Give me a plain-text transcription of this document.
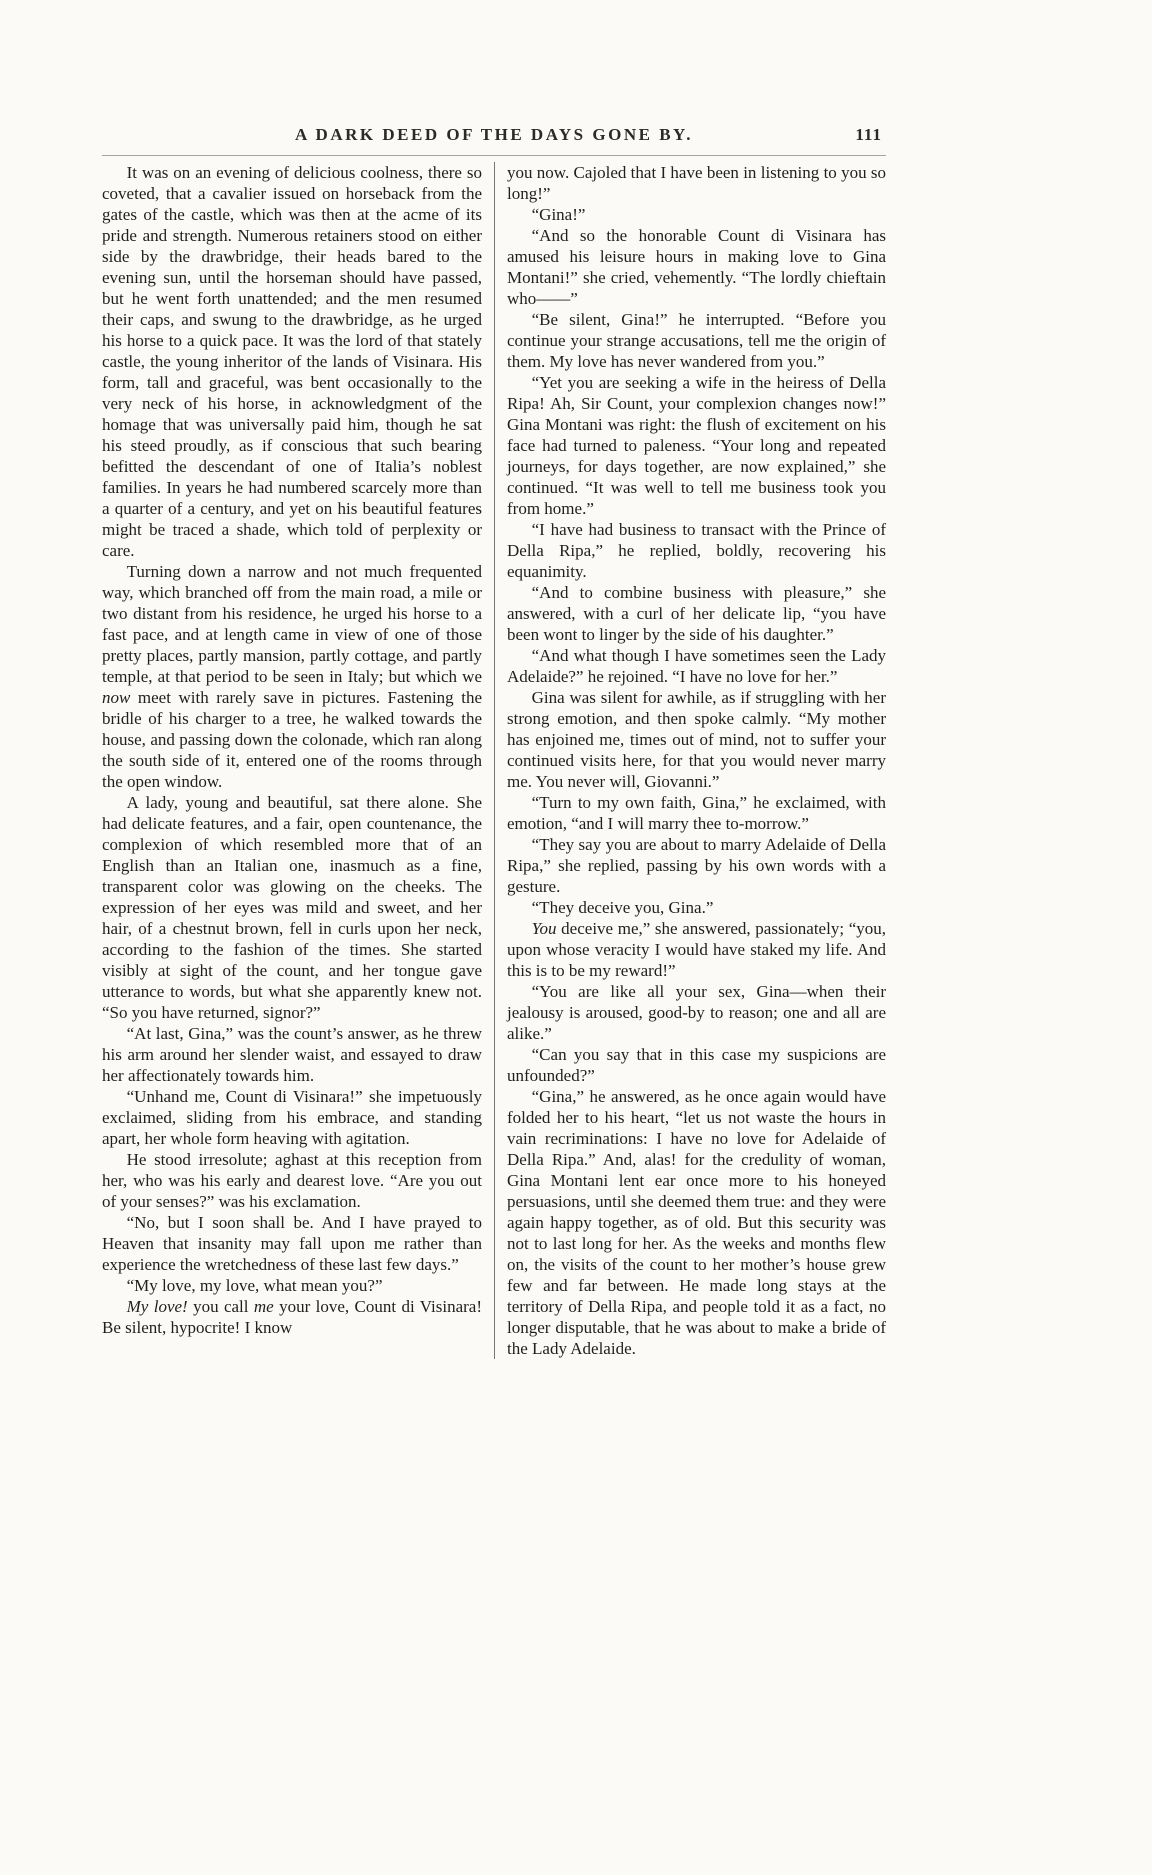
A DARK DEED OF THE DAYS GONE BY.	111

It was on an evening of delicious coolness, there so coveted, that a cavalier issued on horseback from the gates of the castle, which was then at the acme of its pride and strength. Numerous retainers stood on either side by the drawbridge, their heads bared to the evening sun, until the horseman should have passed, but he went forth unattended; and the men resumed their caps, and swung to the drawbridge, as he urged his horse to a quick pace. It was the lord of that stately castle, the young inheritor of the lands of Visinara. His form, tall and graceful, was bent occasionally to the very neck of his horse, in acknowledgment of the homage that was universally paid him, though he sat his steed proudly, as if conscious that such bearing befitted the descendant of one of Italia’s noblest families. In years he had numbered scarcely more than a quarter of a century, and yet on his beautiful features might be traced a shade, which told of perplexity or care.

Turning down a narrow and not much frequented way, which branched off from the main road, a mile or two distant from his residence, he urged his horse to a fast pace, and at length came in view of one of those pretty places, partly mansion, partly cottage, and partly temple, at that period to be seen in Italy; but which we now meet with rarely save in pictures. Fastening the bridle of his charger to a tree, he walked towards the house, and passing down the colonade, which ran along the south side of it, entered one of the rooms through the open window.

A lady, young and beautiful, sat there alone. She had delicate features, and a fair, open countenance, the complexion of which resembled more that of an English than an Italian one, inasmuch as a fine, transparent color was glowing on the cheeks. The expression of her eyes was mild and sweet, and her hair, of a chestnut brown, fell in curls upon her neck, according to the fashion of the times. She started visibly at sight of the count, and her tongue gave utterance to words, but what she apparently knew not. “So you have returned, signor?”

“At last, Gina,” was the count’s answer, as he threw his arm around her slender waist, and essayed to draw her affectionately towards him.

“Unhand me, Count di Visinara!” she impetuously exclaimed, sliding from his embrace, and standing apart, her whole form heaving with agitation.

He stood irresolute; aghast at this reception from her, who was his early and dearest love. “Are you out of your senses?” was his exclamation.

“No, but I soon shall be. And I have prayed to Heaven that insanity may fall upon me rather than experience the wretchedness of these last few days.”

“My love, my love, what mean you?”

My love! you call me your love, Count di Visinara! Be silent, hypocrite! I know

you now. Cajoled that I have been in listening to you so long!”

“Gina!”

“And so the honorable Count di Visinara has amused his leisure hours in making love to Gina Montani!” she cried, vehemently. “The lordly chieftain who——”

“Be silent, Gina!” he interrupted. “Before you continue your strange accusations, tell me the origin of them. My love has never wandered from you.”

“Yet you are seeking a wife in the heiress of Della Ripa! Ah, Sir Count, your complexion changes now!” Gina Montani was right: the flush of excitement on his face had turned to paleness. “Your long and repeated journeys, for days together, are now explained,” she continued. “It was well to tell me business took you from home.”

“I have had business to transact with the Prince of Della Ripa,” he replied, boldly, recovering his equanimity.

“And to combine business with pleasure,” she answered, with a curl of her delicate lip, “you have been wont to linger by the side of his daughter.”

“And what though I have sometimes seen the Lady Adelaide?” he rejoined. “I have no love for her.”

Gina was silent for awhile, as if struggling with her strong emotion, and then spoke calmly. “My mother has enjoined me, times out of mind, not to suffer your continued visits here, for that you would never marry me. You never will, Giovanni.”

“Turn to my own faith, Gina,” he exclaimed, with emotion, “and I will marry thee to-morrow.”

“They say you are about to marry Adelaide of Della Ripa,” she replied, passing by his own words with a gesture.

“They deceive you, Gina.”

You deceive me,” she answered, passionately; “you, upon whose veracity I would have staked my life. And this is to be my reward!”

“You are like all your sex, Gina—when their jealousy is aroused, good-by to reason; one and all are alike.”

“Can you say that in this case my suspicions are unfounded?”

“Gina,” he answered, as he once again would have folded her to his heart, “let us not waste the hours in vain recriminations: I have no love for Adelaide of Della Ripa.” And, alas! for the credulity of woman, Gina Montani lent ear once more to his honeyed persuasions, until she deemed them true: and they were again happy together, as of old. But this security was not to last long for her. As the weeks and months flew on, the visits of the count to her mother’s house grew few and far between. He made long stays at the territory of Della Ripa, and people told it as a fact, no longer disputable, that he was about to make a bride of the Lady Adelaide.
